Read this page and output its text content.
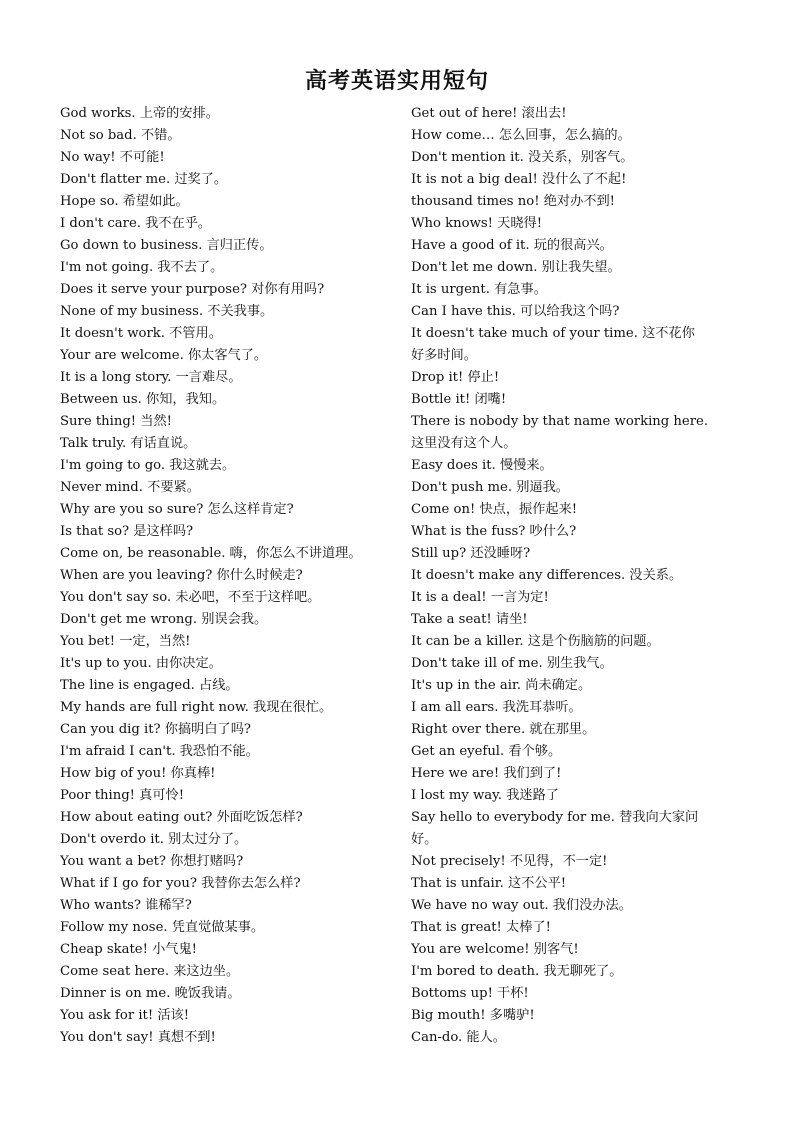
高考英语实用短句
God works. 上帝的安排。
Not so bad. 不错。
No way! 不可能!
Don't flatter me. 过奖了。
Hope so. 希望如此。
I don't care. 我不在乎。
Go down to business. 言归正传。
I'm not going. 我不去了。
Does it serve your purpose? 对你有用吗?
None of my business. 不关我事。
It doesn't work. 不管用。
Your are welcome. 你太客气了。
It is a long story. 一言难尽。
Between us. 你知，我知。
Sure thing! 当然!
Talk truly. 有话直说。
I'm going to go. 我这就去。
Never mind. 不要紧。
Why are you so sure? 怎么这样肯定?
Is that so? 是这样吗?
Come on, be reasonable. 嗨，你怎么不讲道理。
When are you leaving? 你什么时候走?
You don't say so. 未必吧，不至于这样吧。
Don't get me wrong. 别误会我。
You bet! 一定，当然!
It's up to you. 由你决定。
The line is engaged. 占线。
My hands are full right now. 我现在很忙。
Can you dig it? 你搞明白了吗?
I'm afraid I can't. 我恐怕不能。
How big of you! 你真棒!
Poor thing! 真可怜!
How about eating out? 外面吃饭怎样?
Don't overdo it. 别太过分了。
You want a bet? 你想打赌吗?
What if I go for you? 我替你去怎么样?
Who wants? 谁稀罕?
Follow my nose. 凭直觉做某事。
Cheap skate! 小气鬼!
Come seat here. 来这边坐。
Dinner is on me. 晚饭我请。
You ask for it! 活该!
You don't say! 真想不到!
Get out of here! 滚出去!
How come… 怎么回事，怎么搞的。
Don't mention it. 没关系，别客气。
It is not a big deal! 没什么了不起!
thousand times no! 绝对办不到!
Who knows! 天晓得!
Have a good of it. 玩的很高兴。
Don't let me down. 别让我失望。
It is urgent. 有急事。
Can I have this. 可以给我这个吗?
It doesn't take much of your time. 这不花你
好多时间。
Drop it! 停止!
Bottle it! 闭嘴!
There is nobody by that name working here.
这里没有这个人。
Easy does it. 慢慢来。
Don't push me. 别逼我。
Come on! 快点，振作起来!
What is the fuss? 吵什么?
Still up? 还没睡呀?
It doesn't make any differences. 没关系。
It is a deal! 一言为定!
Take a seat! 请坐!
It can be a killer. 这是个伤脑筋的问题。
Don't take ill of me. 别生我气。
It's up in the air. 尚未确定。
I am all ears. 我洗耳恭听。
Right over there. 就在那里。
Get an eyeful. 看个够。
Here we are! 我们到了!
I lost my way. 我迷路了
Say hello to everybody for me. 替我向大家问
好。
Not precisely! 不见得，不一定!
That is unfair. 这不公平!
We have no way out. 我们没办法。
That is great! 太棒了!
You are welcome! 别客气!
I'm bored to death. 我无聊死了。
Bottoms up! 干杯!
Big mouth! 多嘴驴!
Can-do. 能人。
